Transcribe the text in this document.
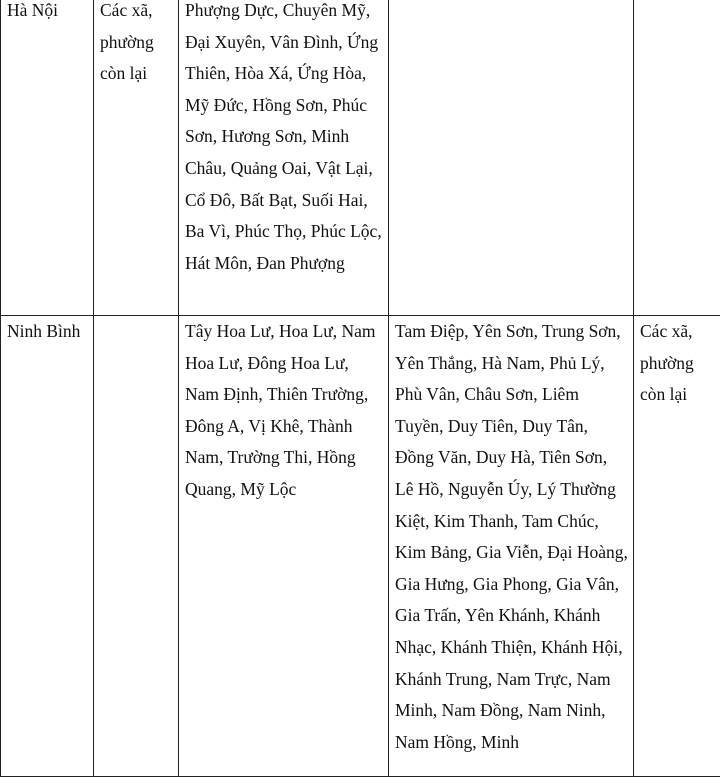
Hà Nội	Các xã, phường còn lại	Phượng Dực, Chuyên Mỹ, Đại Xuyên, Vân Đình, Ứng Thiên, Hòa Xá, Ứng Hòa, Mỹ Đức, Hồng Sơn, Phúc Sơn, Hương Sơn, Minh Châu, Quảng Oai, Vật Lại, Cổ Đô, Bất Bạt, Suối Hai, Ba Vì, Phúc Thọ, Phúc Lộc, Hát Môn, Đan Phượng		
Ninh Bình		Tây Hoa Lư, Hoa Lư, Nam Hoa Lư, Đông Hoa Lư, Nam Định, Thiên Trường, Đông A, Vị Khê, Thành Nam, Trường Thi, Hồng Quang, Mỹ Lộc	Tam Điệp, Yên Sơn, Trung Sơn, Yên Thắng, Hà Nam, Phủ Lý, Phù Vân, Châu Sơn, Liêm Tuyền, Duy Tiên, Duy Tân, Đồng Văn, Duy Hà, Tiên Sơn, Lê Hồ, Nguyễn Úy, Lý Thường Kiệt, Kim Thanh, Tam Chúc, Kim Bảng, Gia Viễn, Đại Hoàng, Gia Hưng, Gia Phong, Gia Vân, Gia Trấn, Yên Khánh, Khánh Nhạc, Khánh Thiện, Khánh Hội, Khánh Trung, Nam Trực, Nam Minh, Nam Đồng, Nam Ninh, Nam Hồng, Minh	Các xã, phường còn lại
